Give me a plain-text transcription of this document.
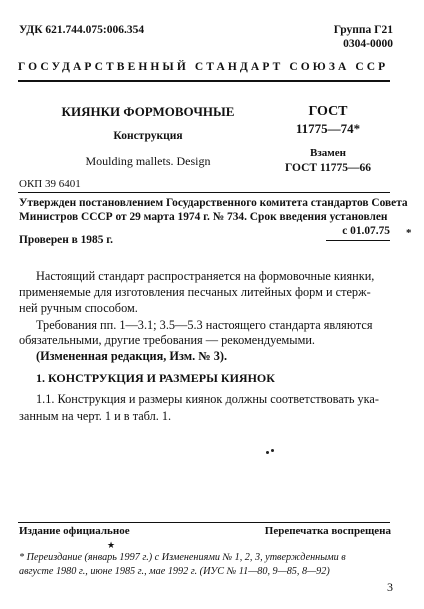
УДК 621.744.075:006.354	Группа Г21
0304-0000
ГОСУДАРСТВЕННЫЙ СТАНДАРТ СОЮЗА ССР
КИЯНКИ ФОРМОВОЧНЫЕ
Конструкция
Moulding mallets. Design
ГОСТ
11775—74*
Взамен
ГОСТ 11775—66
ОКП 39 6401
Утвержден постановлением Государственного комитета стандартов Совета
Министров СССР от 29 марта 1974 г. № 734. Срок введения установлен
с 01.07.75 *
Проверен в 1985 г.
Настоящий стандарт распространяется на формовочные киянки,
применяемые для изготовления песчаных литейных форм и стерж-
ней ручным способом.
Требования пп. 1—3.1; 3.5—5.3 настоящего стандарта являются
обязательными, другие требования — рекомендуемыми.
(Измененная редакция, Изм. № 3).
1. КОНСТРУКЦИЯ И РАЗМЕРЫ КИЯНОК
1.1. Конструкция и размеры киянок должны соответствовать ука-
занным на черт. 1 и в табл. 1.
Издание официальное	Перепечатка воспрещена
★
* Переиздание (январь 1997 г.) с Изменениями № 1, 2, 3, утвержденными в
августе 1980 г., июне 1985 г., мае 1992 г. (ИУС № 11—80, 9—85, 8—92)
3
